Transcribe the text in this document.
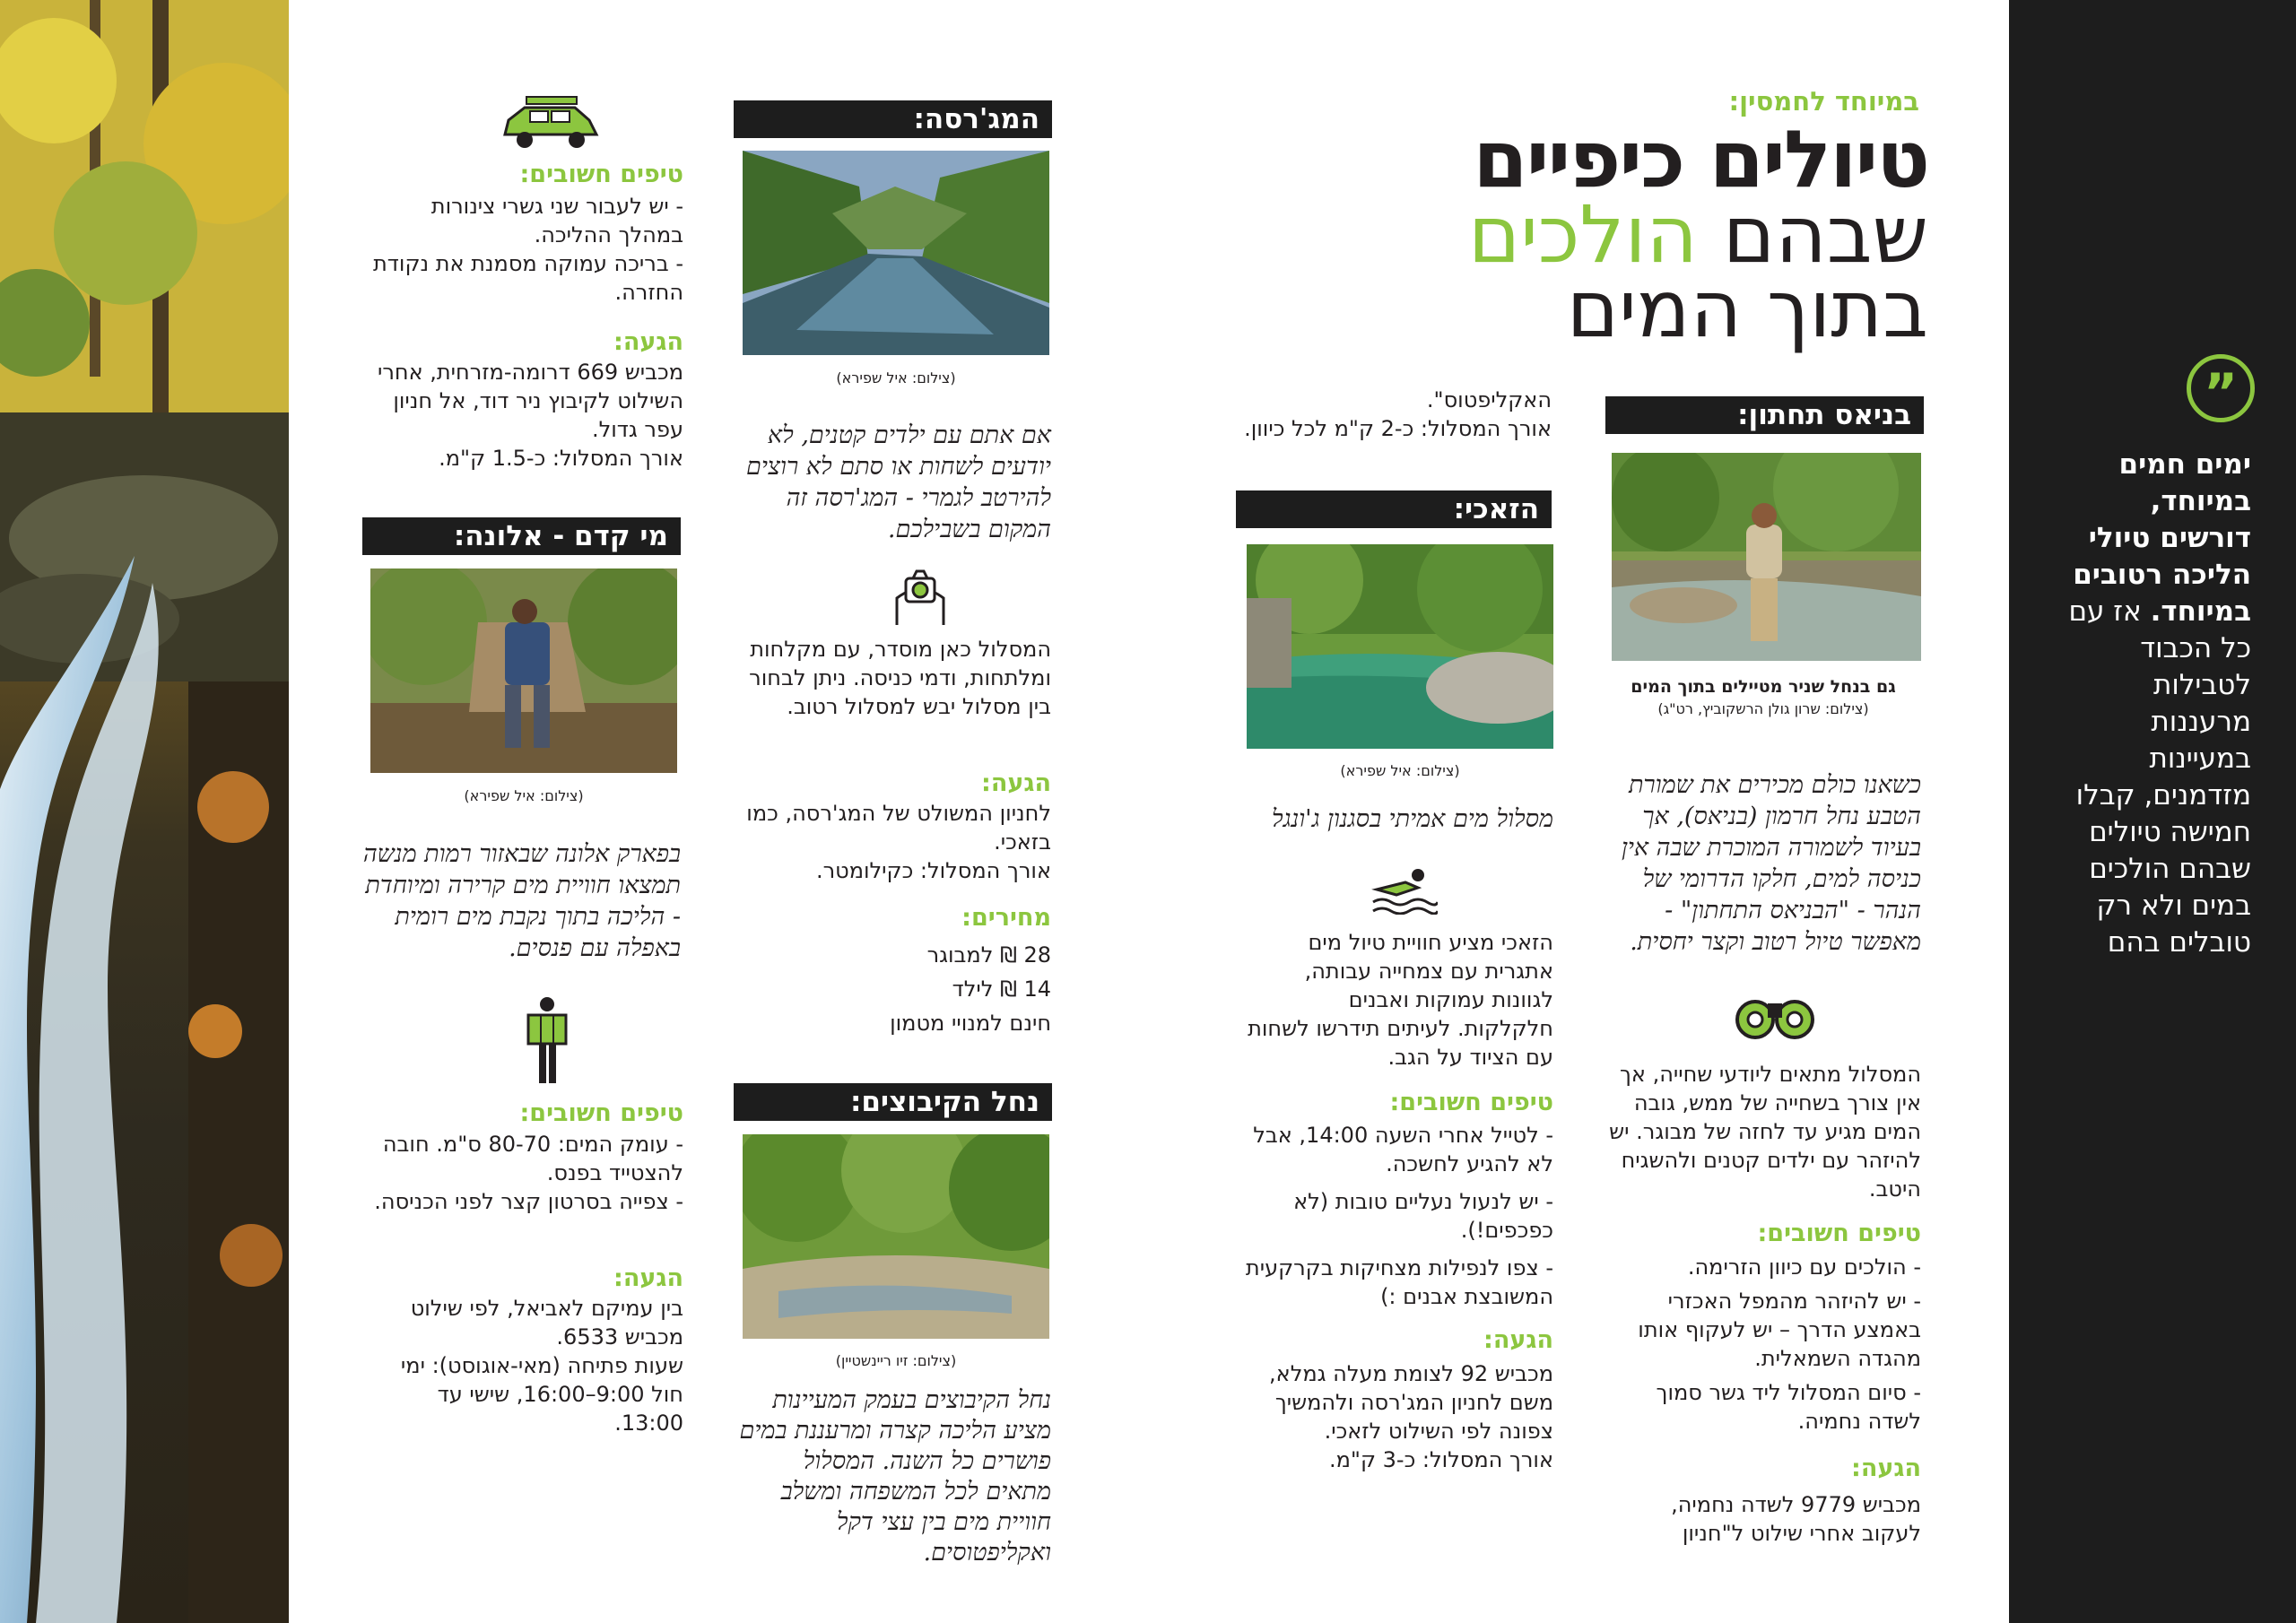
”
ימים חמים במיוחד, דורשים טיולי הליכה רטובים במיוחד. אז עם כל הכבוד לטבילות מרעננות במעיינות מזדמנים, קבלו חמישה טיולים שבהם הולכים במים ולא רק טובלים בהם
במיוחד לחמסין:
טיולים כיפיים
שבהם הולכים
בתוך המים
בניאס תחתון:
גם בנחל שניר מטיילים בתוך המים
(צילום: שרון גולן הרשקוביץ, רט"ג)
כשאנו כולם מכירים את שמורת הטבע נחל חרמון (בניאס), אך בעיוד לשמורה המוכרת שבה אין כניסה למים, חלקו הדרומי של הנהר - "הבניאס התחתון" - מאפשר טיול רטוב וקצר יחסית.
המסלול מתאים ליודעי שחייה, אך אין צורך בשחייה של ממש, גובה המים מגיע עד לחזה של מבוגר. יש להיזהר עם ילדים קטנים ולהשגיח היטב.
טיפים חשובים:
- הולכים עם כיוון הזרימה.
- יש להיזהר מהמפל האכזרי באמצע הדרך – יש לעקוף אותו מהגדה השמאלית.
- סיום המסלול ליד גשר סמוך לשדה נחמיה.
הגעה:
מכביש 9779 לשדה נחמיה, לעקוב אחרי שילוט ל"חניון
האקליפטוס".
אורך המסלול: כ-2 ק"מ לכל כיוון.
הזאכי:
(צילום: איל שפירא)
מסלול מים אמיתי בסגנון ג'ונגל
הזאכי מציע חוויית טיול מים אתגרית עם צמחייה עבותה, לגוונות עמוקות ואבנים חלקלקות. לעיתים תידרשו לשחות עם הציוד על הגב.
טיפים חשובים:
- לטייל אחרי השעה 14:00, אבל לא להגיע לחשכה.
- יש לנעול נעליים טובות (לא כפכפים!).
- צפו לנפילות מצחיקות בקרקעית המשובצת אבנים :)
הגעה:
מכביש 92 לצומת מעלה גמלא, משם לחניון המג'רסה ולהמשיך צפונה לפי השילוט לזאכי.
אורך המסלול: כ-3 ק"מ.
המג'רסה:
(צילום: איל שפירא)
אם אתם עם ילדים קטנים, לא יודעים לשחות או סתם לא רוצים להירטב לגמרי - המג'רסה זה המקום בשבילכם.
המסלול כאן מוסדר, עם מקלחות ומלתחות, ודמי כניסה. ניתן לבחור בין מסלול יבש למסלול רטוב.
הגעה:
לחניון המשולט של המג'רסה, כמו בזאכי.
אורך המסלול: כקילומטר.
מחירים:
28 ₪ למבוגר
14 ₪ לילד
חינם למנויי מטמון
נחל הקיבוצים:
(צילום: זיו ריינשטיין)
נחל הקיבוצים בעמק המעיינות מציע הליכה קצרה ומרעננת במים פושרים כל השנה. המסלול מתאים לכל המשפחה ומשלב חוויית מים בין עצי דקל ואקליפטוסים.
טיפים חשובים:
- יש לעבור שני גשרי צינורות במהלך ההליכה.
- בריכה עמוקה מסמנת את נקודת החזרה.
הגעה:
מכביש 669 דרומה-מזרחית, אחרי השילוט לקיבוץ ניר דוד, אל חניון עפר גדול.
אורך המסלול: כ-1.5 ק"מ.
מי קדם - אלונה:
(צילום: איל שפירא)
בפארק אלונה שבאזור רמות מנשה תמצאו חוויית מים קרירה ומיוחדת - הליכה בתוך נקבת מים רומית באפלה עם פנסים.
טיפים חשובים:
- עומק המים: 80-70 ס"מ. חובה להצטייד בפנס.
- צפייה בסרטון קצר לפני הכניסה.
הגעה:
בין עמיקם לאביאל, לפי שילוט מכביש 6533.
שעות פתיחה (מאי-אוגוסט): ימי חול 9:00–16:00, שישי עד 13:00.
